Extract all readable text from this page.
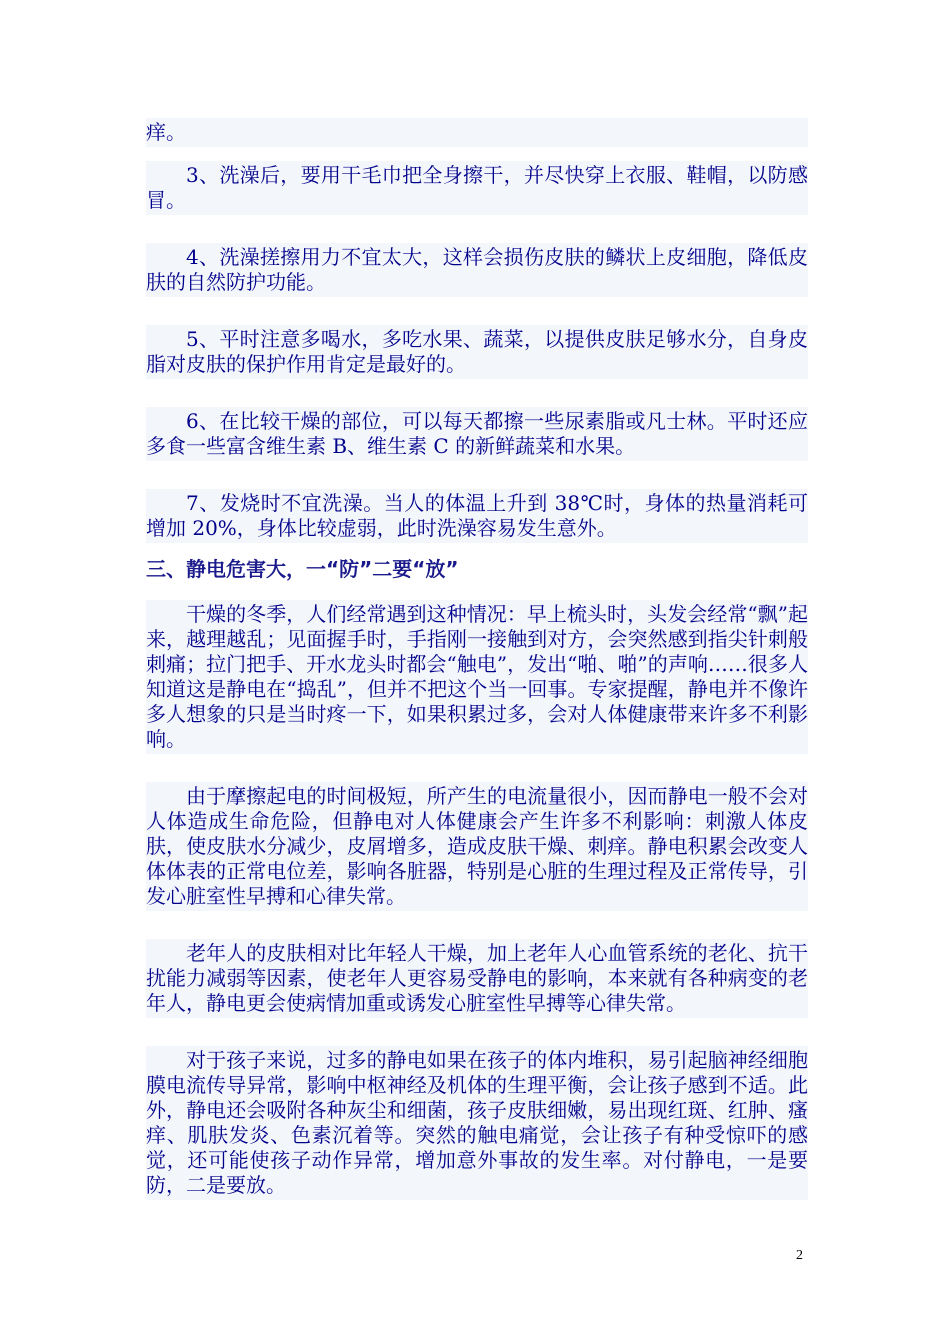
痒。

3、洗澡后，要用干毛巾把全身擦干，并尽快穿上衣服、鞋帽，以防感冒。

4、洗澡搓擦用力不宜太大，这样会损伤皮肤的鳞状上皮细胞，降低皮肤的自然防护功能。

5、平时注意多喝水，多吃水果、蔬菜，以提供皮肤足够水分，自身皮脂对皮肤的保护作用肯定是最好的。

6、在比较干燥的部位，可以每天都擦一些尿素脂或凡士林。平时还应多食一些富含维生素 B、维生素 C 的新鲜蔬菜和水果。

7、发烧时不宜洗澡。当人的体温上升到 38℃时，身体的热量消耗可增加 20%，身体比较虚弱，此时洗澡容易发生意外。

三、静电危害大，一“防”二要“放”

干燥的冬季，人们经常遇到这种情况：早上梳头时，头发会经常“飘”起来，越理越乱；见面握手时，手指刚一接触到对方，会突然感到指尖针刺般刺痛；拉门把手、开水龙头时都会“触电”，发出“啪、啪”的声响……很多人知道这是静电在“捣乱”，但并不把这个当一回事。专家提醒，静电并不像许多人想象的只是当时疼一下，如果积累过多，会对人体健康带来许多不利影响。

由于摩擦起电的时间极短，所产生的电流量很小，因而静电一般不会对人体造成生命危险，但静电对人体健康会产生许多不利影响：刺激人体皮肤，使皮肤水分减少，皮屑增多，造成皮肤干燥、刺痒。静电积累会改变人体体表的正常电位差，影响各脏器，特别是心脏的生理过程及正常传导，引发心脏室性早搏和心律失常。

老年人的皮肤相对比年轻人干燥，加上老年人心血管系统的老化、抗干扰能力减弱等因素，使老年人更容易受静电的影响，本来就有各种病变的老年人，静电更会使病情加重或诱发心脏室性早搏等心律失常。

对于孩子来说，过多的静电如果在孩子的体内堆积，易引起脑神经细胞膜电流传导异常，影响中枢神经及机体的生理平衡，会让孩子感到不适。此外，静电还会吸附各种灰尘和细菌，孩子皮肤细嫩，易出现红斑、红肿、瘙痒、肌肤发炎、色素沉着等。突然的触电痛觉，会让孩子有种受惊吓的感觉，还可能使孩子动作异常，增加意外事故的发生率。对付静电，一是要防，二是要放。

2
